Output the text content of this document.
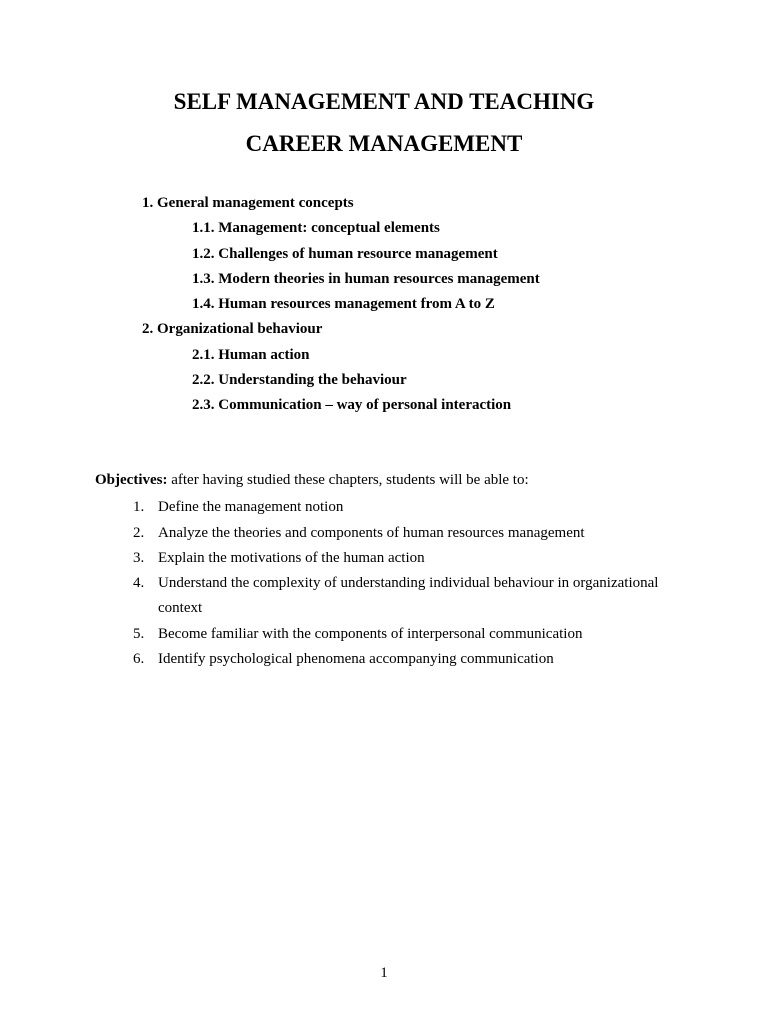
SELF MANAGEMENT AND TEACHING
CAREER MANAGEMENT
1. General management concepts
1.1. Management: conceptual elements
1.2. Challenges of human resource management
1.3. Modern theories in human resources management
1.4. Human resources management from A to Z
2. Organizational behaviour
2.1. Human action
2.2. Understanding the behaviour
2.3. Communication – way of personal interaction
Objectives: after having studied these chapters, students will be able to:
1. Define the management notion
2. Analyze the theories and components of human resources management
3. Explain the motivations of the human action
4. Understand the complexity of understanding individual behaviour in organizational context
5. Become familiar with the components of interpersonal communication
6. Identify psychological phenomena accompanying communication
1
